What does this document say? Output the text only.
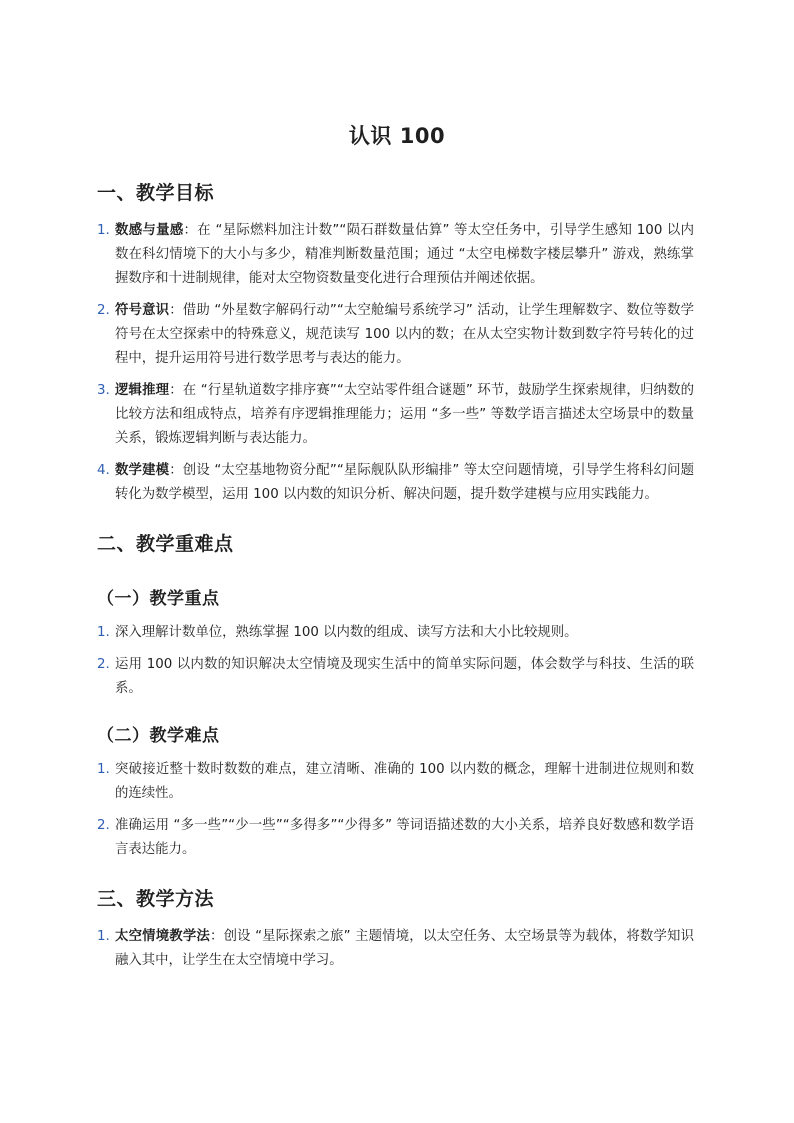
认识 100
一、教学目标
1. 数感与量感：在 “星际燃料加注计数”“陨石群数量估算” 等太空任务中，引导学生感知 100 以内数在科幻情境下的大小与多少，精准判断数量范围；通过 “太空电梯数字楼层攀升” 游戏，熟练掌握数序和十进制规律，能对太空物资数量变化进行合理预估并阐述依据。
2. 符号意识：借助 “外星数字解码行动”“太空舱编号系统学习” 活动，让学生理解数字、数位等数学符号在太空探索中的特殊意义，规范读写 100 以内的数；在从太空实物计数到数字符号转化的过程中，提升运用符号进行数学思考与表达的能力。
3. 逻辑推理：在 “行星轨道数字排序赛”“太空站零件组合谜题” 环节，鼓励学生探索规律，归纳数的比较方法和组成特点，培养有序逻辑推理能力；运用 “多一些” 等数学语言描述太空场景中的数量关系，锻炼逻辑判断与表达能力。
4. 数学建模：创设 “太空基地物资分配”“星际舰队队形编排” 等太空问题情境，引导学生将科幻问题转化为数学模型，运用 100 以内数的知识分析、解决问题，提升数学建模与应用实践能力。
二、教学重难点
（一）教学重点
1. 深入理解计数单位，熟练掌握 100 以内数的组成、读写方法和大小比较规则。
2. 运用 100 以内数的知识解决太空情境及现实生活中的简单实际问题，体会数学与科技、生活的联系。
（二）教学难点
1. 突破接近整十数时数数的难点，建立清晰、准确的 100 以内数的概念，理解十进制进位规则和数的连续性。
2. 准确运用 “多一些”“少一些”“多得多”“少得多” 等词语描述数的大小关系，培养良好数感和数学语言表达能力。
三、教学方法
1. 太空情境教学法：创设 “星际探索之旅” 主题情境，以太空任务、太空场景等为载体，将数学知识融入其中，让学生在太空情境中学习。
